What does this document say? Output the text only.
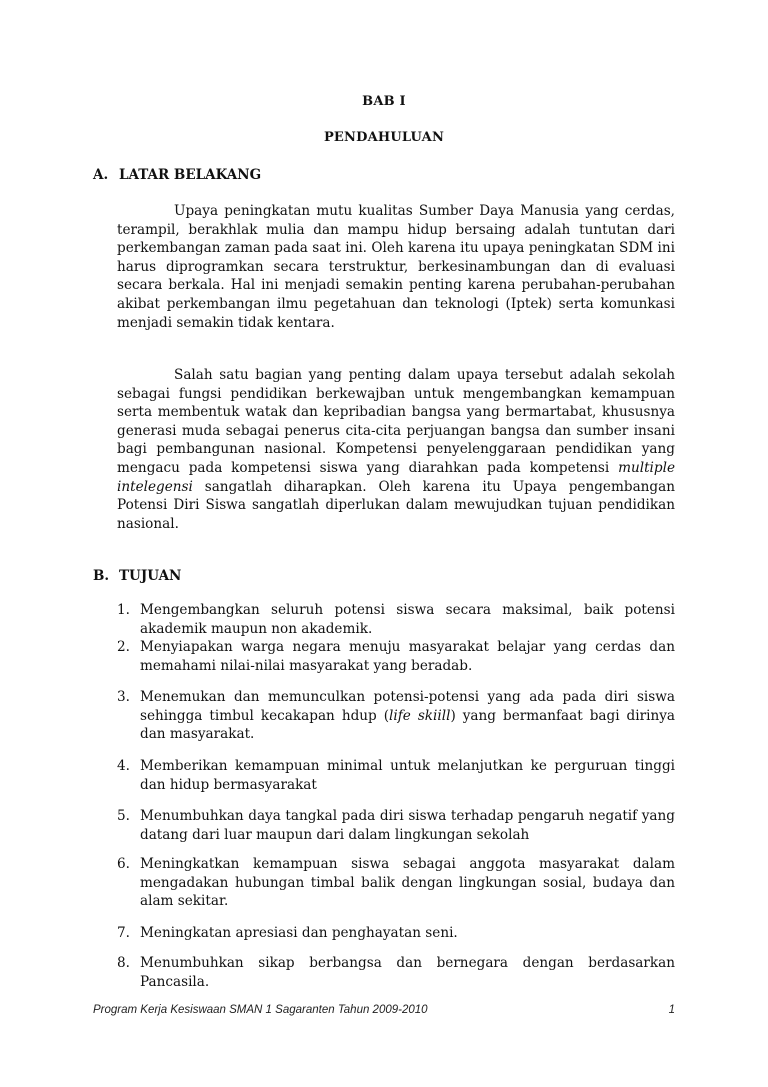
BAB I
PENDAHULUAN
A. LATAR BELAKANG

Upaya peningkatan mutu kualitas Sumber Daya Manusia yang cerdas, terampil, berakhlak mulia dan mampu hidup bersaing adalah tuntutan dari perkembangan zaman pada saat ini. Oleh karena itu upaya peningkatan SDM ini harus diprogramkan secara terstruktur, berkesinambungan dan di evaluasi secara berkala. Hal ini menjadi semakin penting karena perubahan-perubahan akibat perkembangan ilmu pegetahuan dan teknologi (Iptek) serta komunkasi menjadi semakin tidak kentara.

Salah satu bagian yang penting dalam upaya tersebut adalah sekolah sebagai fungsi pendidikan berkewajban untuk mengembangkan kemampuan serta membentuk watak dan kepribadian bangsa yang bermartabat, khususnya generasi muda sebagai penerus cita-cita perjuangan bangsa dan sumber insani bagi pembangunan nasional. Kompetensi penyelenggaraan pendidikan yang mengacu pada kompetensi siswa yang diarahkan pada kompetensi multiple intelegensi sangatlah diharapkan. Oleh karena itu Upaya pengembangan Potensi Diri Siswa sangatlah diperlukan dalam mewujudkan tujuan pendidikan nasional.

B. TUJUAN
1. Mengembangkan seluruh potensi siswa secara maksimal, baik potensi akademik maupun non akademik.
2. Menyiapakan warga negara menuju masyarakat belajar yang cerdas dan memahami nilai-nilai masyarakat yang beradab.
3. Menemukan dan memunculkan potensi-potensi yang ada pada diri siswa sehingga timbul kecakapan hdup (life skiill) yang bermanfaat bagi dirinya dan masyarakat.
4. Memberikan kemampuan minimal untuk melanjutkan ke perguruan tinggi dan hidup bermasyarakat
5. Menumbuhkan daya tangkal pada diri siswa terhadap pengaruh negatif yang datang dari luar maupun dari dalam lingkungan sekolah
6. Meningkatkan kemampuan siswa sebagai anggota masyarakat dalam mengadakan hubungan timbal balik dengan lingkungan sosial, budaya dan alam sekitar.
7. Meningkatan apresiasi dan penghayatan seni.
8. Menumbuhkan sikap berbangsa dan bernegara dengan berdasarkan Pancasila.
Program Kerja Kesiswaan SMAN 1 Sagaranten Tahun 2009-2010	1
